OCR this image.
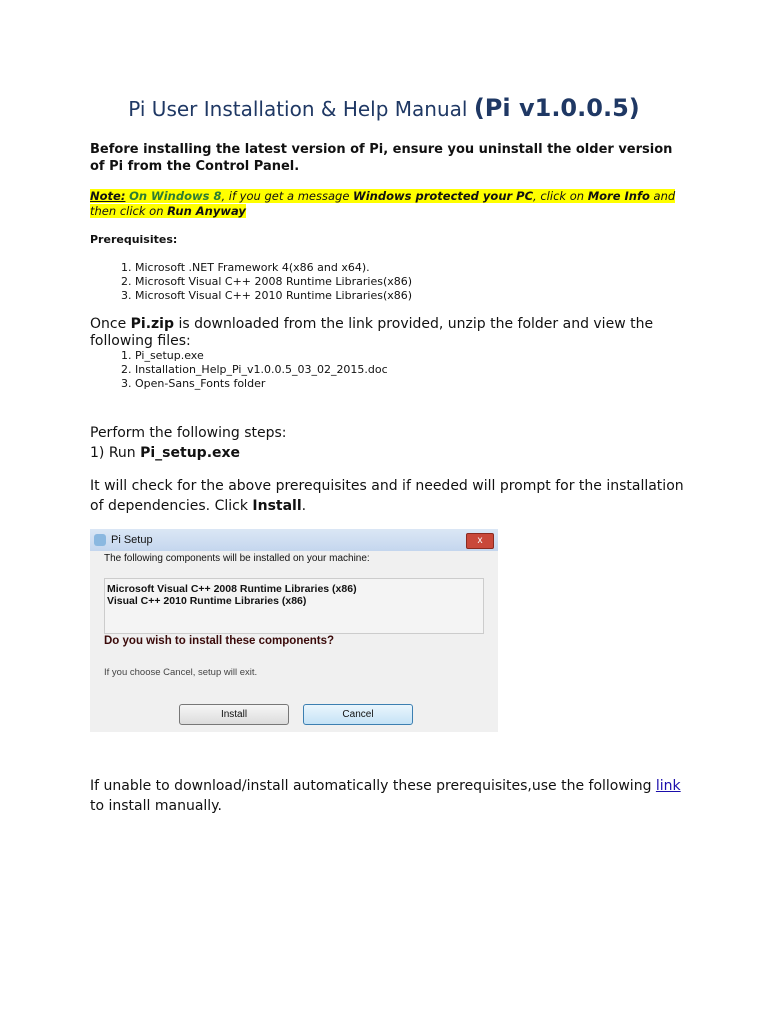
Pi User Installation & Help Manual (Pi v1.0.0.5)
Before installing the latest version of Pi, ensure you uninstall the older version of Pi from the Control Panel.
Note: On Windows 8, if you get a message Windows protected your PC, click on More Info and then click on Run Anyway
Prerequisites:
1. Microsoft .NET Framework 4(x86 and x64).
2. Microsoft Visual C++ 2008 Runtime Libraries(x86)
3. Microsoft Visual C++ 2010 Runtime Libraries(x86)
Once Pi.zip is downloaded from the link provided, unzip the folder and view the following files:
1. Pi_setup.exe
2. Installation_Help_Pi_v1.0.0.5_03_02_2015.doc
3. Open-Sans_Fonts folder
Perform the following steps:
1) Run Pi_setup.exe
It will check for the above prerequisites and if needed will prompt for the installation of dependencies. Click Install.
Pi Setup	x
The following components will be installed on your machine:
Microsoft Visual C++ 2008 Runtime Libraries (x86)
Visual C++ 2010 Runtime Libraries (x86)
Do you wish to install these components?
If you choose Cancel, setup will exit.
Install	Cancel
If unable to download/install automatically these prerequisites,use the following link
to install manually.
